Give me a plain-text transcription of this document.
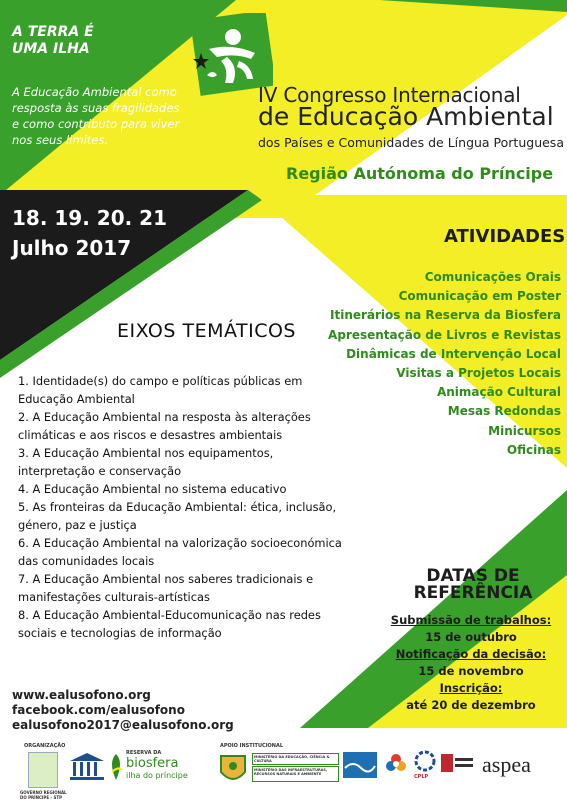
A TERRA É
UMA ILHA
A Educação Ambiental como
resposta às suas fragilidades
e como contributo para viver
nos seus limites.
18. 19. 20. 21
Julho 2017
IV Congresso Internacional
de Educação Ambiental
dos Países e Comunidades de Língua Portuguesa
Região Autónoma do Príncipe
ATIVIDADES
Comunicações Orais
Comunicação em Poster
Itinerários na Reserva da Biosfera
Apresentação de Livros e Revistas
Dinâmicas de Intervenção Local
Visitas a Projetos Locais
Animação Cultural
Mesas Redondas
Minicursos
Oficinas
EIXOS TEMÁTICOS
1. Identidade(s) do campo e políticas públicas em
Educação Ambiental
2. A Educação Ambiental na resposta às alterações
climáticas e aos riscos e desastres ambientais
3. A Educação Ambiental nos equipamentos,
interpretação e conservação
4. A Educação Ambiental no sistema educativo
5. As fronteiras da Educação Ambiental: ética, inclusão,
género, paz e justiça
6. A Educação Ambiental na valorização socioeconómica
das comunidades locais
7. A Educação Ambiental nos saberes tradicionais e
manifestações culturais-artísticas
8. A Educação Ambiental-Educomunicação nas redes
sociais e tecnologias de informação
DATAS DE
REFERÊNCIA
Submissão de trabalhos:
15 de outubro
Notificação da decisão:
15 de novembro
Inscrição:
até 20 de dezembro
www.ealusofono.org
facebook.com/ealusofono
ealusofono2017@ealusofono.org
ORGANIZAÇÃO
GOVERNO REGIONAL DO PRÍNCIPE - STP
RESERVA DA
biosfera
ilha do príncipe
APOIO INSTITUCIONAL
MINISTÉRIO DA EDUCAÇÃO, CIÊNCIA & CULTURA
MINISTÉRIO DAS INFRAESTRUTURAS, RECURSOS NATURAIS E AMBIENTE	CPLP aspea
